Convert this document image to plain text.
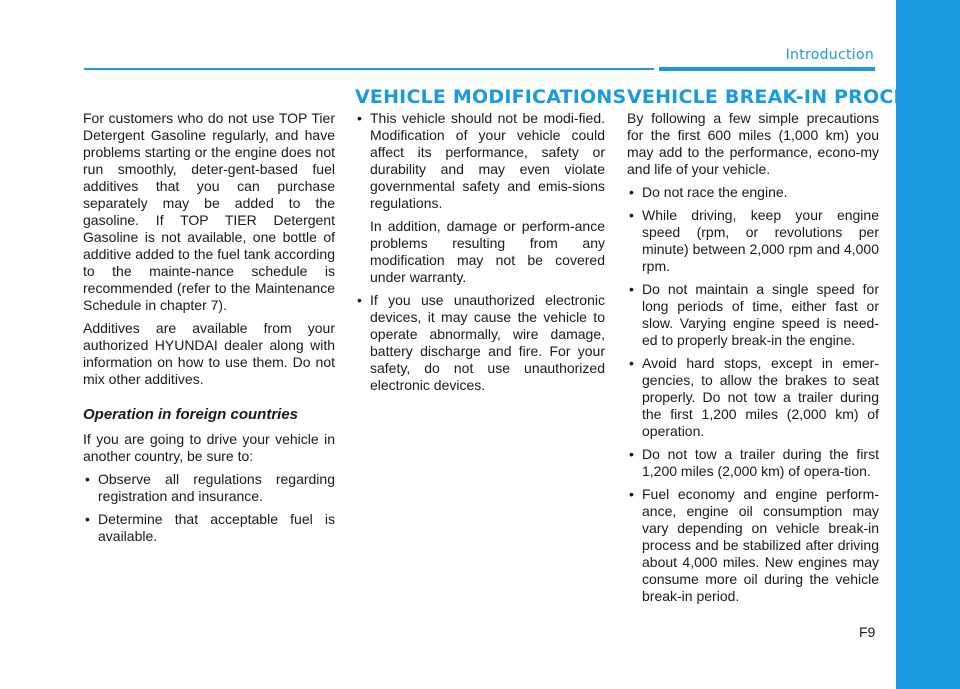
Introduction
VEHICLE MODIFICATIONS VEHICLE BREAK-IN PROCESS

For customers who do not use TOP Tier Detergent Gasoline regularly, and have problems starting or the engine does not run smoothly, deter-gent-based fuel additives that you can purchase separately may be added to the gasoline. If TOP TIER Detergent Gasoline is not available, one bottle of additive added to the fuel tank according to the mainte-nance schedule is recommended (refer to the Maintenance Schedule in chapter 7).

Additives are available from your authorized HYUNDAI dealer along with information on how to use them. Do not mix other additives.

Operation in foreign countries

If you are going to drive your vehicle in another country, be sure to:

• Observe all regulations regarding registration and insurance.
• Determine that acceptable fuel is available.
• This vehicle should not be modi-fied. Modification of your vehicle could affect its performance, safety or durability and may even violate governmental safety and emis-sions regulations.

In addition, damage or perform-ance problems resulting from any modification may not be covered under warranty.

• If you use unauthorized electronic devices, it may cause the vehicle to operate abnormally, wire damage, battery discharge and fire. For your safety, do not use unauthorized electronic devices.

By following a few simple precautions for the first 600 miles (1,000 km) you may add to the performance, econo-my and life of your vehicle.

• Do not race the engine.
• While driving, keep your engine speed (rpm, or revolutions per minute) between 2,000 rpm and 4,000 rpm.
• Do not maintain a single speed for long periods of time, either fast or slow. Varying engine speed is need-ed to properly break-in the engine.
• Avoid hard stops, except in emer-gencies, to allow the brakes to seat properly. Do not tow a trailer during the first 1,200 miles (2,000 km) of operation.
• Do not tow a trailer during the first 1,200 miles (2,000 km) of opera-tion.
• Fuel economy and engine perform-ance, engine oil consumption may vary depending on vehicle break-in process and be stabilized after driving about 4,000 miles. New engines may consume more oil during the vehicle break-in period.
F9
